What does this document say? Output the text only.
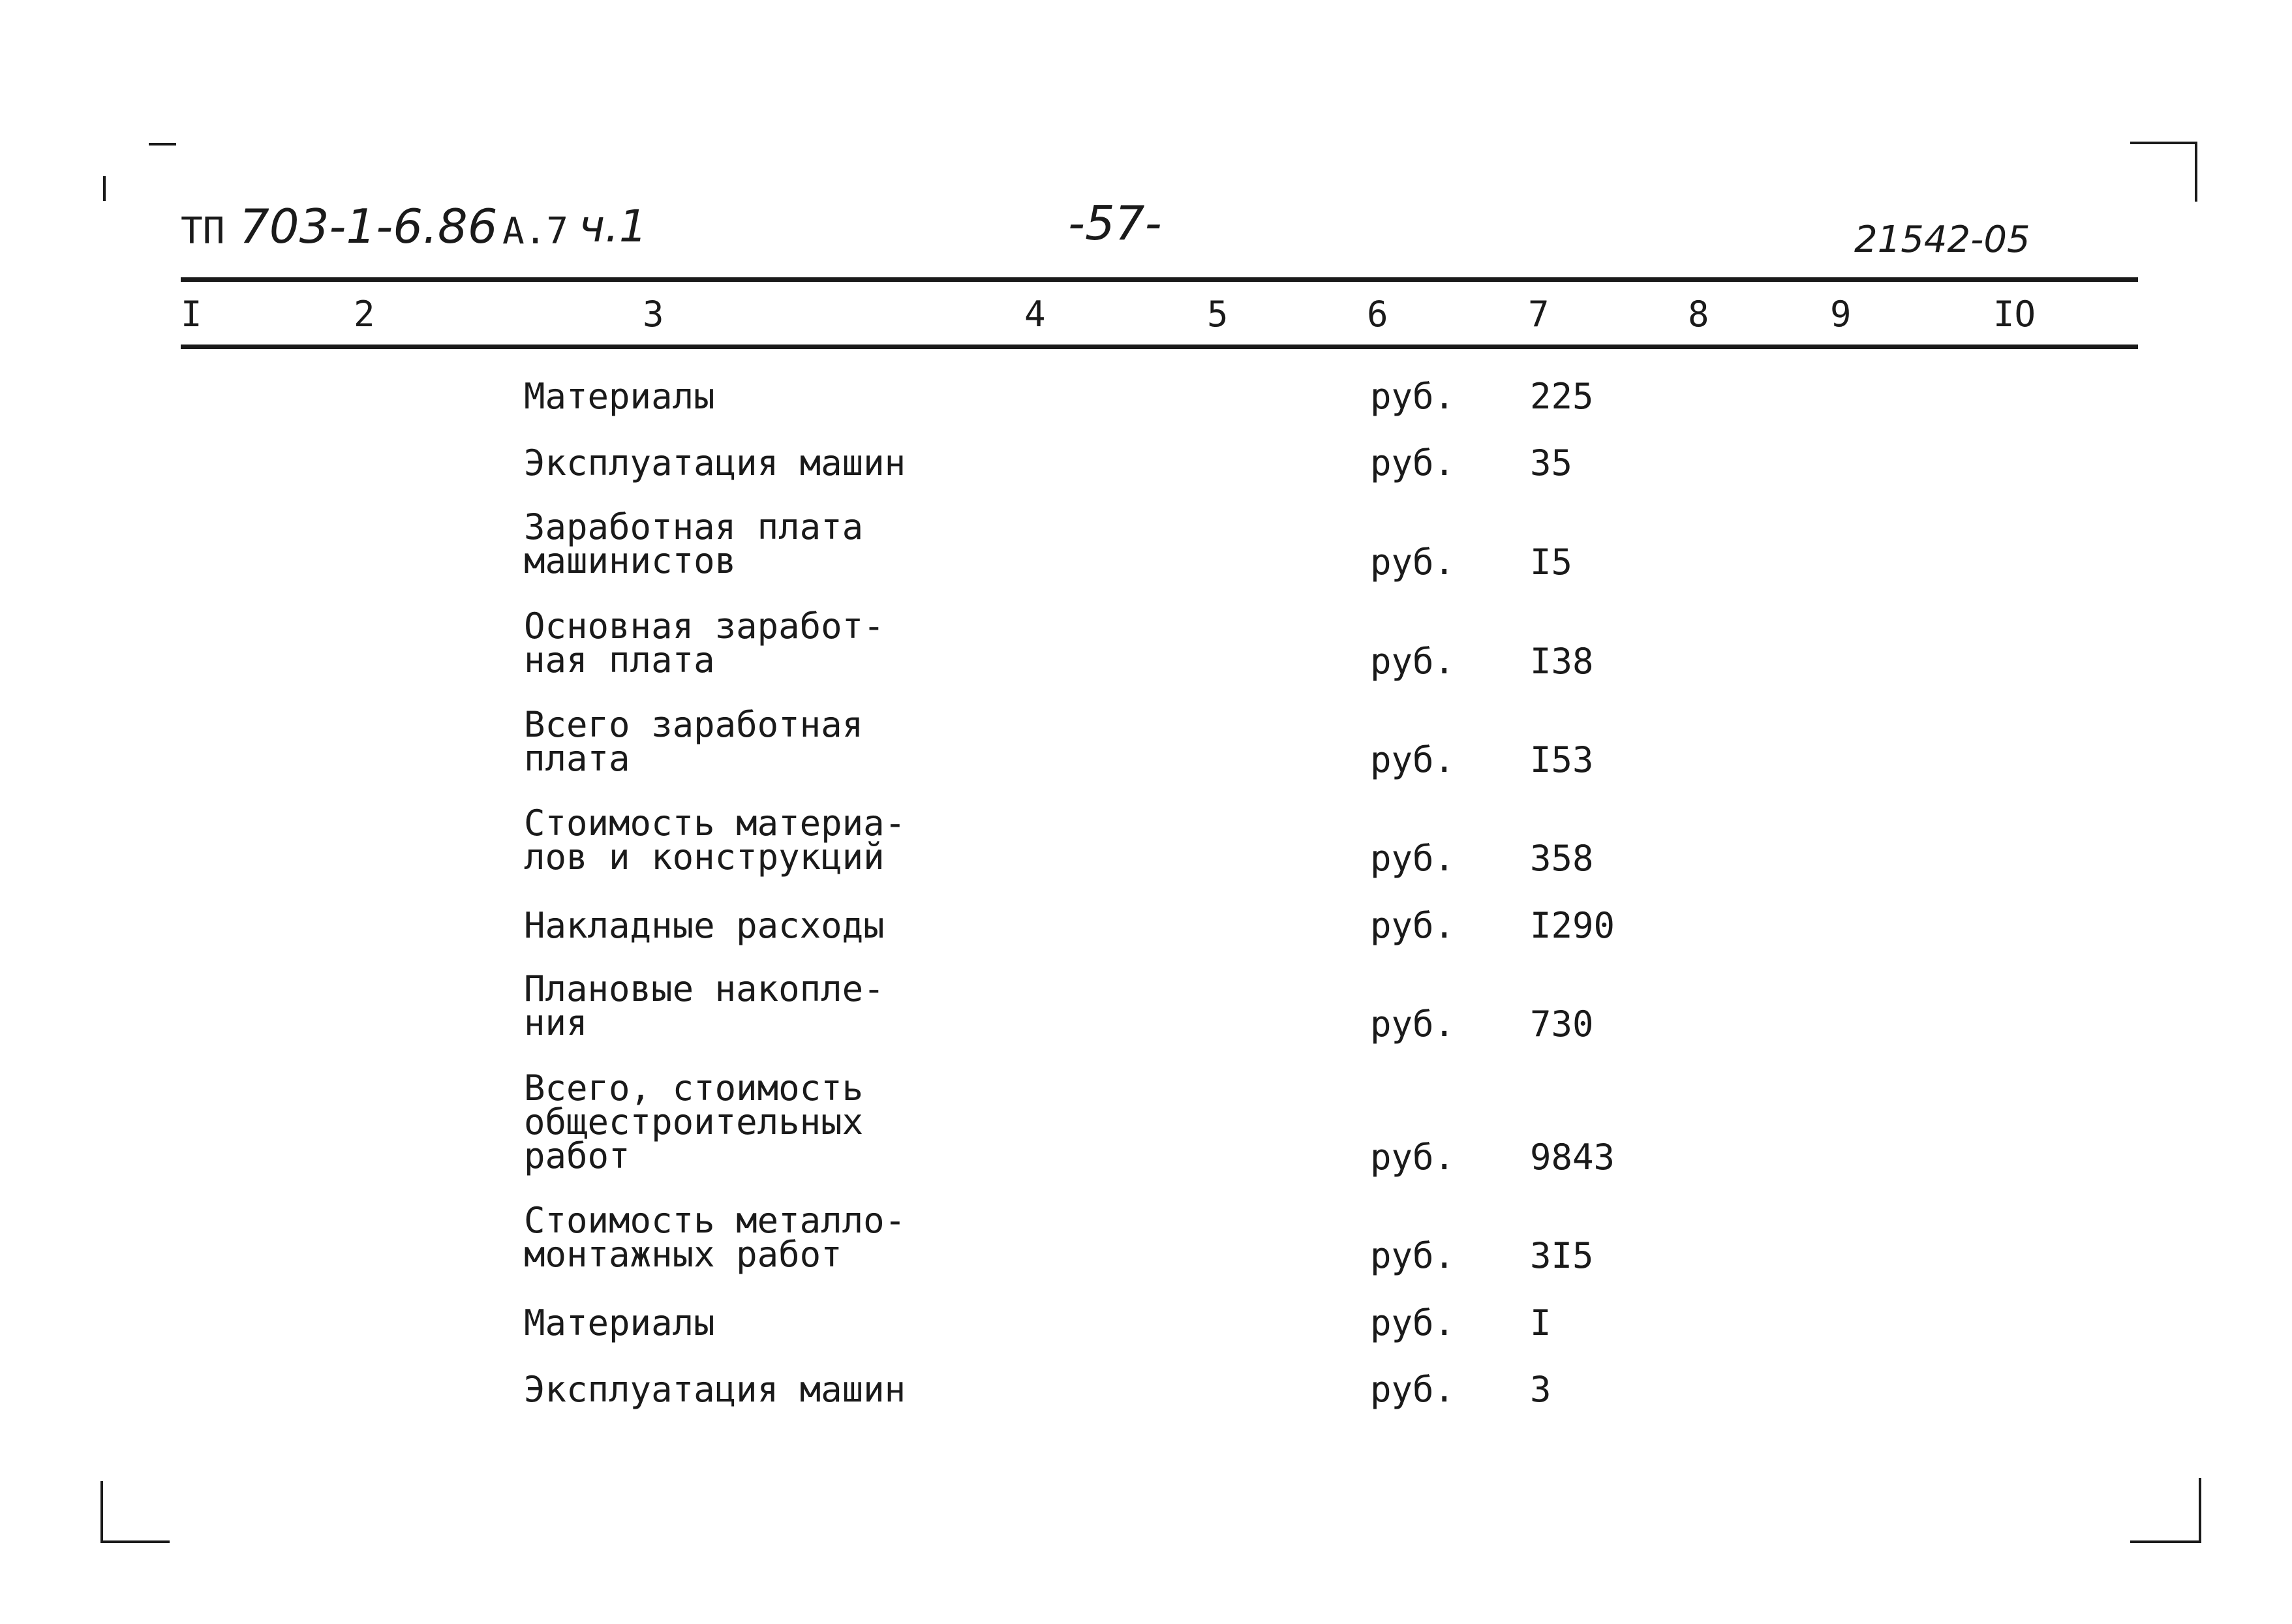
ТП 703-1-6.86 А.7 ч.1	-57-	21542-05
I	2	3	4	5	6	7	8	9	IO
Материалы	руб. 225
Эксплуатация машин	руб. 35
Заработная плата
машинистов	руб. I5
Основная заработ-
ная плата	руб. I38
Всего заработная
плата	руб. I53
Стоимость материа-
лов и конструкций	руб. 358
Накладные расходы	руб. I290
Плановые накопле-
ния	руб. 730
Всего, стоимость
общестроительных
работ	руб. 9843
Стоимость металло-
монтажных работ	руб. 3I5
Материалы	руб. I
Эксплуатация машин	руб. 3
